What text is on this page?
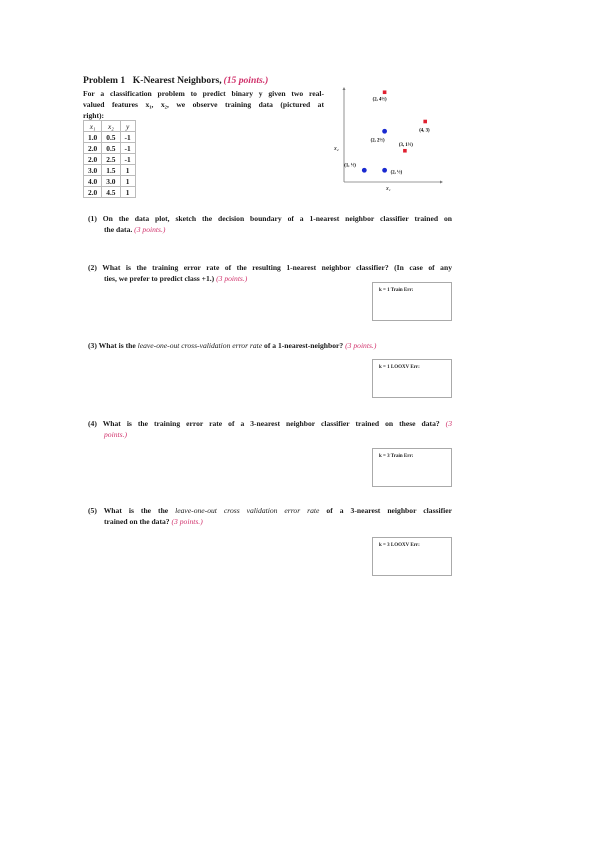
Problem 1 K-Nearest Neighbors, (15 points.)
For a classification problem to predict binary y given two real-
valued features x₁, x₂, we observe training data (pictured at
right):
x₁	x₂	y
1.0	0.5	-1
2.0	0.5	-1
2.0	2.5	-1
3.0	1.5	1
4.0	3.0	1
2.0	4.5	1	x₁
x₂
(1, ½)
(2, ½)
(2, 2½)
(3, 1½)
(4, 3)
(2, 4½)
(1) On the data plot, sketch the decision boundary of a 1-nearest neighbor classifier trained on
the data. (3 points.)
(2) What is the training error rate of the resulting 1-nearest neighbor classifier? (In case of any
ties, we prefer to predict class +1.) (3 points.)
k = 1 Train Err:
(3) What is the leave-one-out cross-validation error rate of a 1-nearest-neighbor? (3 points.)
k = 1 LOOXV Err:
(4) What is the training error rate of a 3-nearest neighbor classifier trained on these data? (3
points.)
k = 3 Train Err:
(5) What is the the leave-one-out cross validation error rate of a 3-nearest neighbor classifier
trained on the data? (3 points.)
k = 3 LOOXV Err:
